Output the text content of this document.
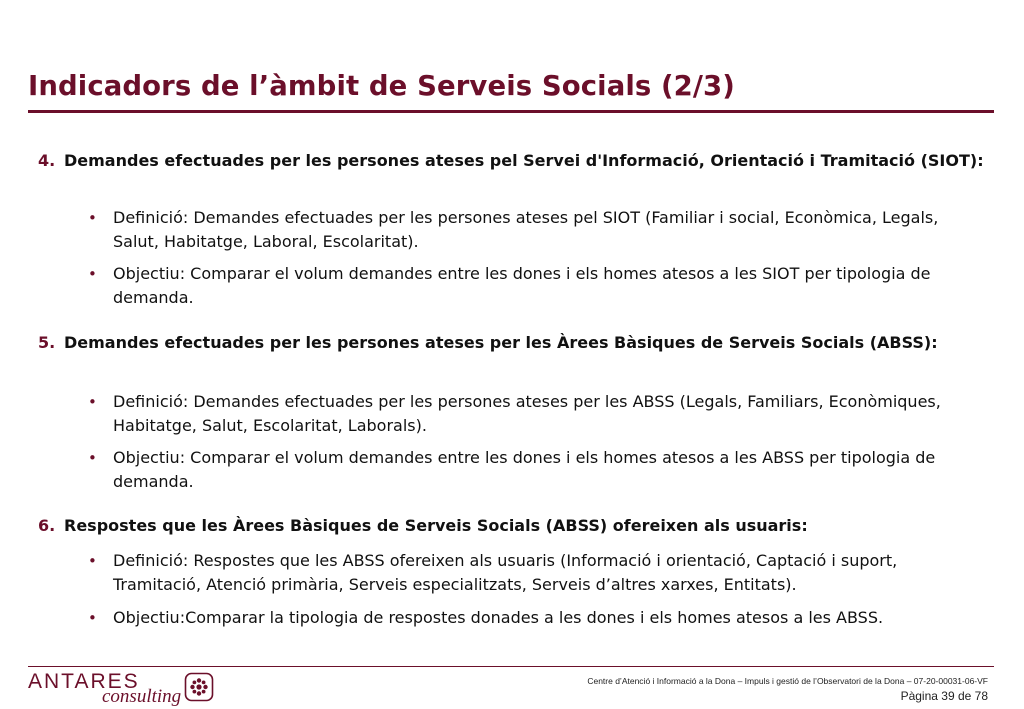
Indicadors de l’àmbit de Serveis Socials (2/3)
4. Demandes efectuades per les persones ateses pel Servei d'Informació, Orientació i Tramitació (SIOT):
• Definició: Demandes efectuades per les persones ateses pel SIOT (Familiar i social, Econòmica, Legals, Salut, Habitatge, Laboral, Escolaritat).
• Objectiu: Comparar el volum demandes entre les dones i els homes atesos a les SIOT per tipologia de demanda.
5. Demandes efectuades per les persones ateses per les Àrees Bàsiques de Serveis Socials (ABSS):
• Definició: Demandes efectuades per les persones ateses per les ABSS (Legals, Familiars, Econòmiques, Habitatge, Salut, Escolaritat, Laborals).
• Objectiu: Comparar el volum demandes entre les dones i els homes atesos a les ABSS per tipologia de demanda.
6. Respostes que les Àrees Bàsiques de Serveis Socials (ABSS) ofereixen als usuaris:
• Definició: Respostes que les ABSS ofereixen als usuaris (Informació i orientació, Captació i suport, Tramitació, Atenció primària, Serveis especialitzats, Serveis d’altres xarxes, Entitats).
• Objectiu:Comparar la tipologia de respostes donades a les dones i els homes atesos a les ABSS.
ANTARES
consulting
Centre d’Atenció i Informació a la Dona – Impuls i gestió de l’Observatori de la Dona – 07-20-00031-06-VF
Pàgina 39 de 78
